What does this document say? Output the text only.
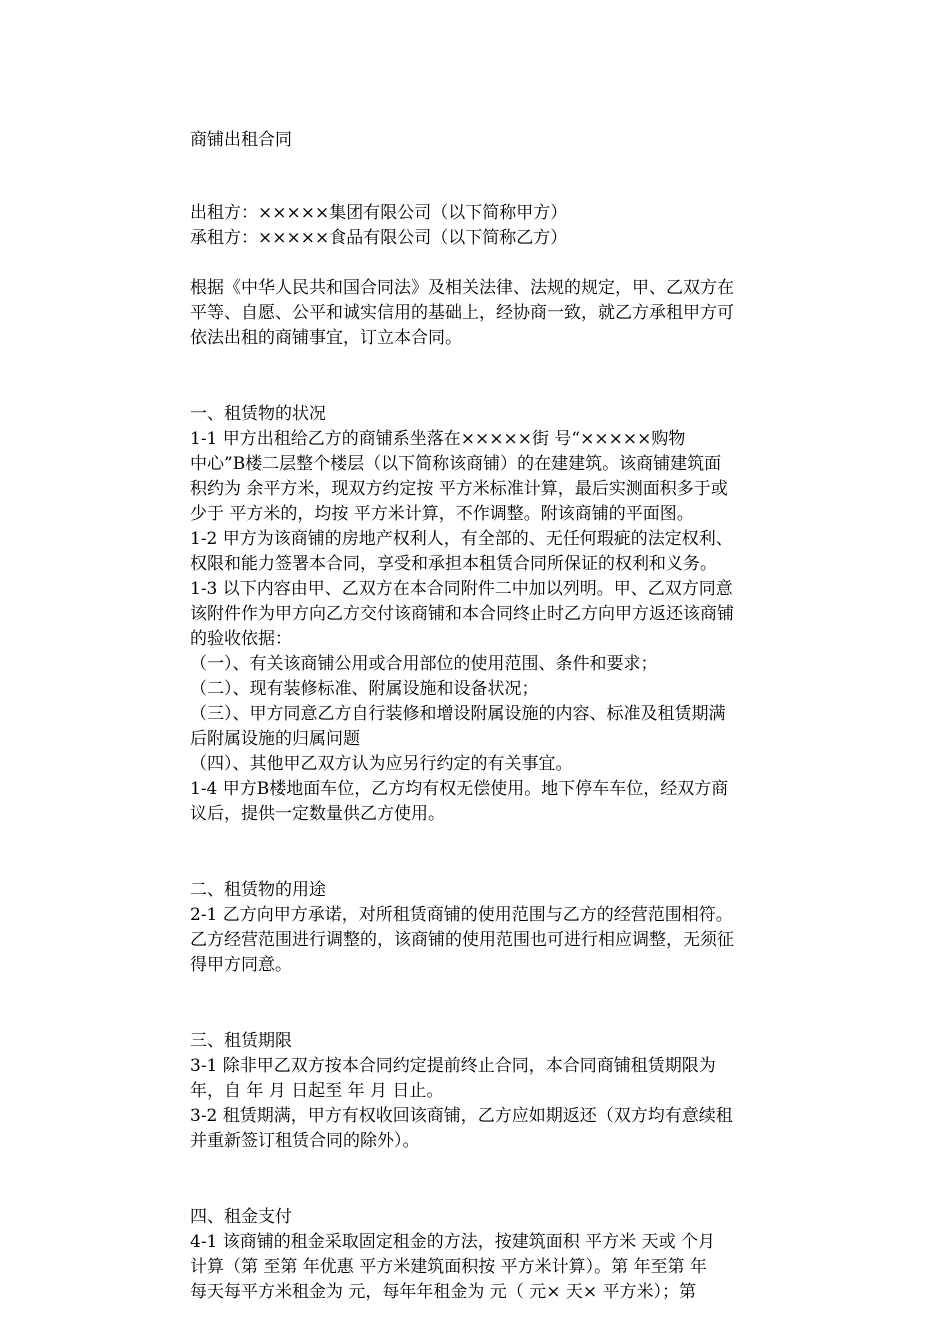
商铺出租合同
出租方：×××××集团有限公司（以下简称甲方）
承租方：×××××食品有限公司（以下简称乙方）
根据《中华人民共和国合同法》及相关法律、法规的规定，甲、乙双方在
平等、自愿、公平和诚实信用的基础上，经协商一致，就乙方承租甲方可
依法出租的商铺事宜，订立本合同。
一、租赁物的状况
1-1 甲方出租给乙方的商铺系坐落在×××××街 号“×××××购物
中心”B楼二层整个楼层（以下简称该商铺）的在建建筑。该商铺建筑面
积约为 余平方米，现双方约定按 平方米标准计算，最后实测面积多于或
少于 平方米的，均按 平方米计算，不作调整。附该商铺的平面图。
1-2 甲方为该商铺的房地产权利人，有全部的、无任何瑕疵的法定权利、
权限和能力签署本合同，享受和承担本租赁合同所保证的权利和义务。
1-3 以下内容由甲、乙双方在本合同附件二中加以列明。甲、乙双方同意
该附件作为甲方向乙方交付该商铺和本合同终止时乙方向甲方返还该商铺
的验收依据：
（一）、有关该商铺公用或合用部位的使用范围、条件和要求；
（二）、现有装修标准、附属设施和设备状况；
（三）、甲方同意乙方自行装修和增设附属设施的内容、标准及租赁期满
后附属设施的归属问题
（四）、其他甲乙双方认为应另行约定的有关事宜。
1-4 甲方B楼地面车位，乙方均有权无偿使用。地下停车车位，经双方商
议后，提供一定数量供乙方使用。
二、租赁物的用途
2-1 乙方向甲方承诺，对所租赁商铺的使用范围与乙方的经营范围相符。
乙方经营范围进行调整的，该商铺的使用范围也可进行相应调整，无须征
得甲方同意。
三、租赁期限
3-1 除非甲乙双方按本合同约定提前终止合同，本合同商铺租赁期限为
年，自 年 月 日起至 年 月 日止。
3-2 租赁期满，甲方有权收回该商铺，乙方应如期返还（双方均有意续租
并重新签订租赁合同的除外）。
四、租金支付
4-1 该商铺的租金采取固定租金的方法，按建筑面积 平方米 天或 个月
计算（第 至第 年优惠 平方米建筑面积按 平方米计算）。第 年至第 年
每天每平方米租金为 元，每年年租金为 元（ 元× 天× 平方米）；第
